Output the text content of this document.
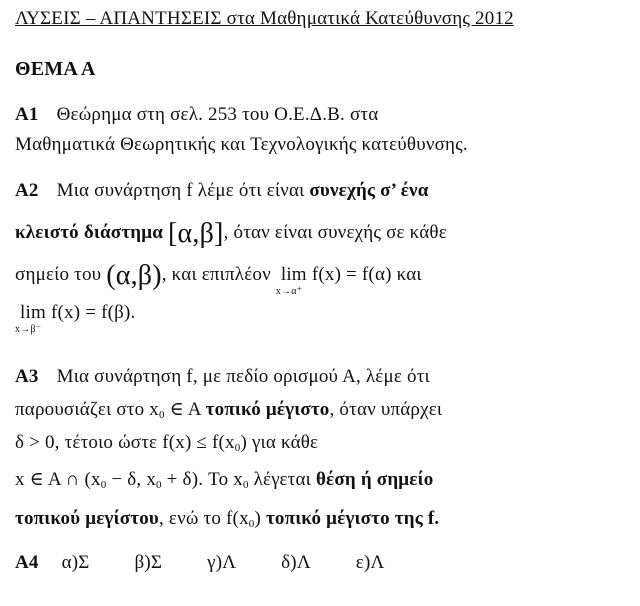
ΛΥΣΕΙΣ – ΑΠΑΝΤΗΣΕΙΣ στα Μαθηματικά Κατεύθυνσης 2012
ΘΕΜΑ Α
Α1 Θεώρημα στη σελ. 253 του Ο.Ε.Δ.Β. στα
Μαθηματικά Θεωρητικής και Τεχνολογικής κατεύθυνσης.
Α2 Μια συνάρτηση f λέμε ότι είναι συνεχής σ’ ένα
κλειστό διάστημα [α,β], όταν είναι συνεχής σε κάθε
σημείο του (α,β), και επιπλέον lim
x→α⁺
f(x) = f(α) και
lim
x→β⁻
f(x) = f(β).
Α3 Μια συνάρτηση f, με πεδίο ορισμού Α, λέμε ότι
παρουσιάζει στο x0 ∈ A τοπικό μέγιστο, όταν υπάρχει
δ > 0, τέτοιο ώστε f(x) ≤ f(x0) για κάθε
x ∈ A ∩ (x0 − δ, x0 + δ). Το x0 λέγεται θέση ή σημείο
τοπικού μεγίστου, ενώ το f(x0) τοπικό μέγιστο της f.
Α4 α)Σ β)Σ γ)Λ δ)Λ ε)Λ
